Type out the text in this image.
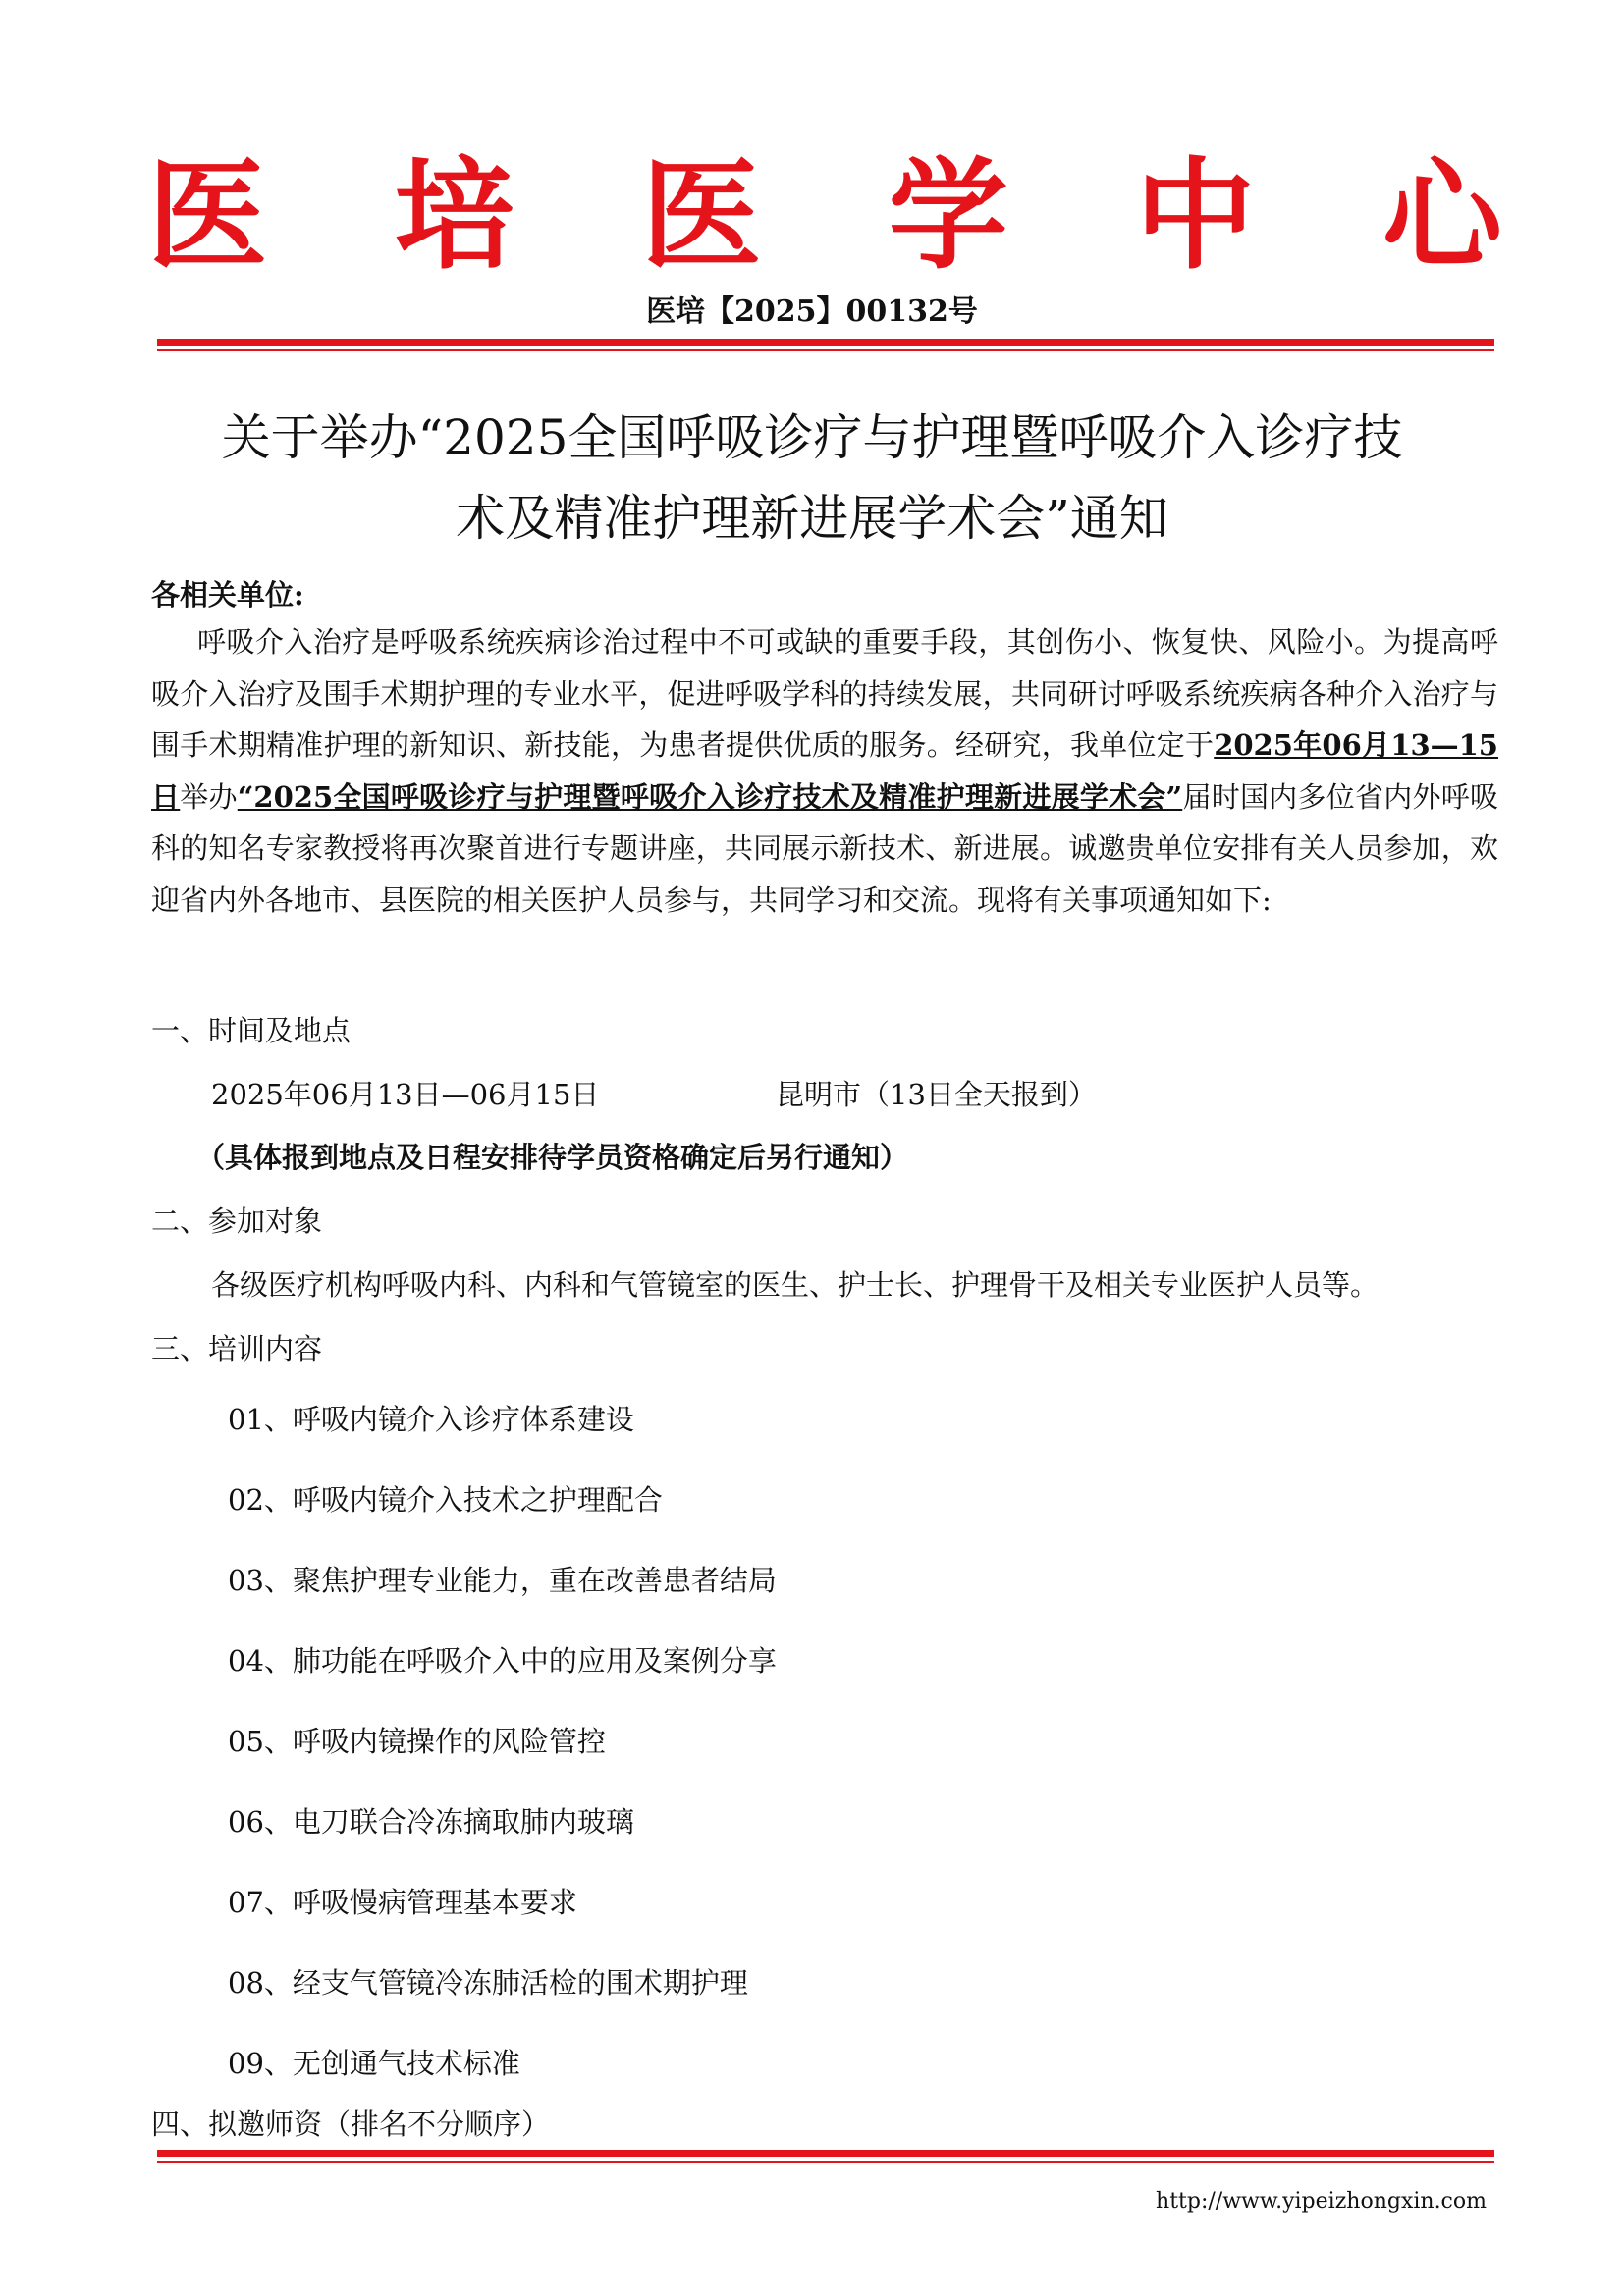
医 培 医 学 中 心
医培【2025】00132号
关于举办“2025全国呼吸诊疗与护理暨呼吸介入诊疗技
术及精准护理新进展学术会”通知
各相关单位:
呼吸介入治疗是呼吸系统疾病诊治过程中不可或缺的重要手段，其创伤小、恢复快、风险小。为提高呼吸介入治疗及围手术期护理的专业水平，促进呼吸学科的持续发展，共同研讨呼吸系统疾病各种介入治疗与围手术期精准护理的新知识、新技能，为患者提供优质的服务。经研究，我单位定于2025年06月13—15日举办“2025全国呼吸诊疗与护理暨呼吸介入诊疗技术及精准护理新进展学术会”届时国内多位省内外呼吸科的知名专家教授将再次聚首进行专题讲座，共同展示新技术、新进展。诚邀贵单位安排有关人员参加，欢迎省内外各地市、县医院的相关医护人员参与，共同学习和交流。现将有关事项通知如下:
一、时间及地点
2025年06月13日—06月15日	昆明市（13日全天报到）
（具体报到地点及日程安排待学员资格确定后另行通知）
二、参加对象
各级医疗机构呼吸内科、内科和气管镜室的医生、护士长、护理骨干及相关专业医护人员等。
三、培训内容
01、呼吸内镜介入诊疗体系建设
02、呼吸内镜介入技术之护理配合
03、聚焦护理专业能力，重在改善患者结局
04、肺功能在呼吸介入中的应用及案例分享
05、呼吸内镜操作的风险管控
06、电刀联合冷冻摘取肺内玻璃
07、呼吸慢病管理基本要求
08、经支气管镜冷冻肺活检的围术期护理
09、无创通气技术标准
四、拟邀师资（排名不分顺序）
http://www.yipeizhongxin.com
